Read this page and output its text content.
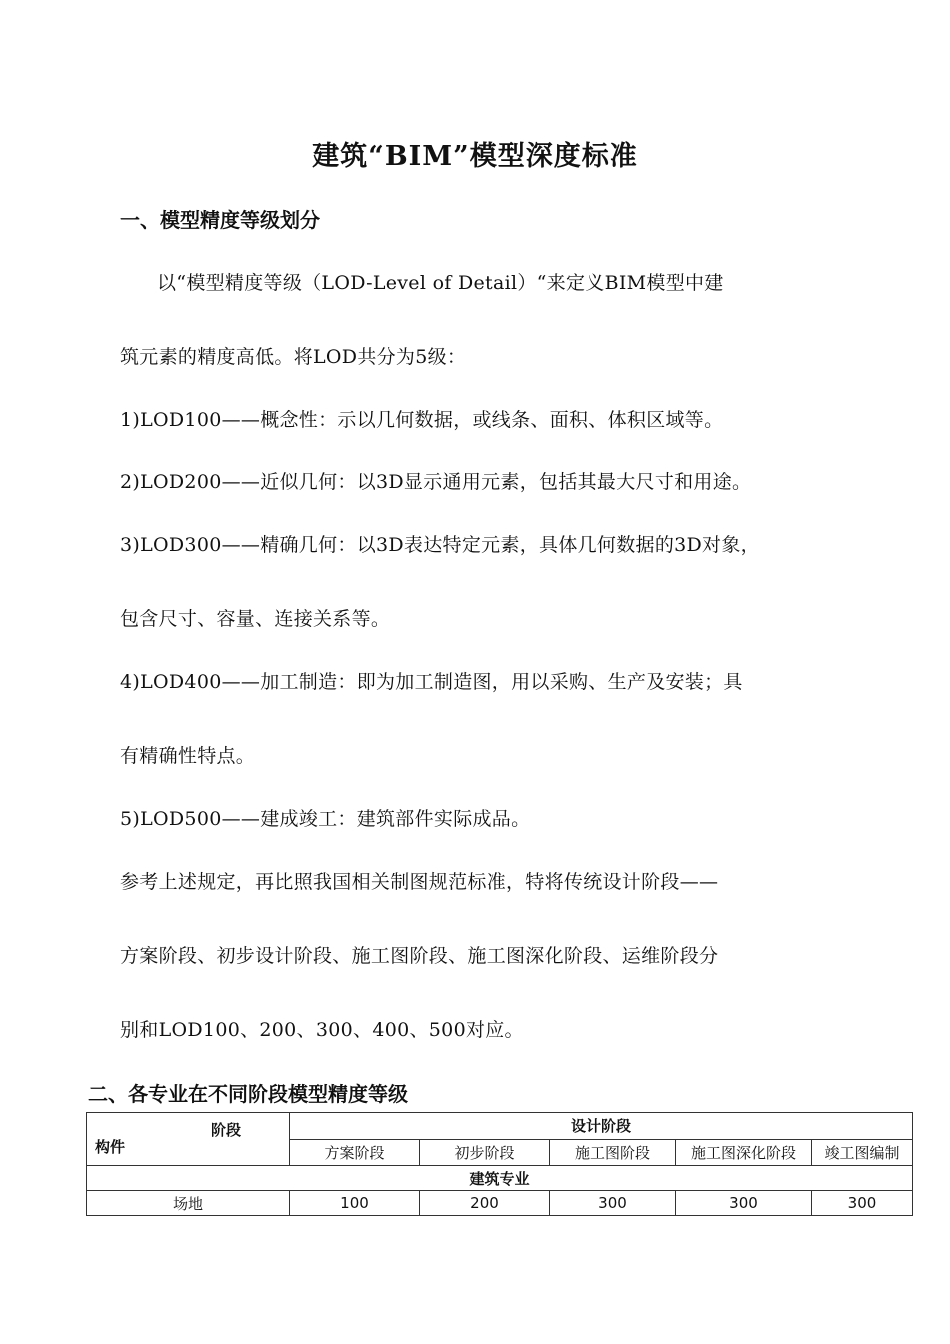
建筑“BIM”模型深度标准
一、模型精度等级划分
以“模型精度等级（LOD-Level of Detail）“来定义BIM模型中建
筑元素的精度高低。将LOD共分为5级：
1)LOD100——概念性：示以几何数据，或线条、面积、体积区域等。
2)LOD200——近似几何：以3D显示通用元素，包括其最大尺寸和用途。
3)LOD300——精确几何：以3D表达特定元素，具体几何数据的3D对象，
包含尺寸、容量、连接关系等。
4)LOD400——加工制造：即为加工制造图，用以采购、生产及安装；具
有精确性特点。
5)LOD500——建成竣工：建筑部件实际成品。
参考上述规定，再比照我国相关制图规范标准，特将传统设计阶段——
方案阶段、初步设计阶段、施工图阶段、施工图深化阶段、运维阶段分
别和LOD100、200、300、400、500对应。
二、各专业在不同阶段模型精度等级
阶段
构件	设计阶段				
	方案阶段	初步阶段	施工图阶段	施工图深化阶段	竣工图编制
建筑专业					
场地	100	200	300	300	300
